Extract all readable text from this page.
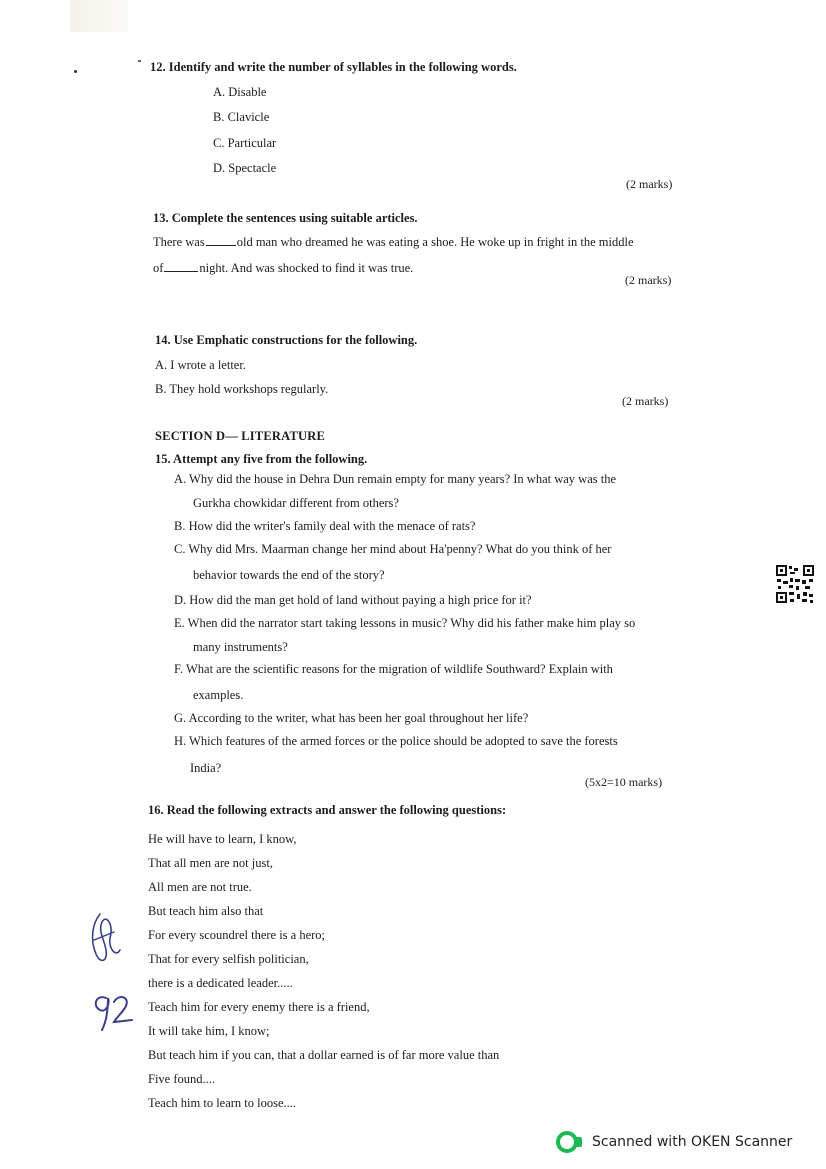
12. Identify and write the number of syllables in the following words.
A. Disable
B. Clavicle
C. Particular
D. Spectacle
(2 marks)
13. Complete the sentences using suitable articles.
There was	old man who dreamed he was eating a shoe. He woke up in fright in the middle
of	night. And was shocked to find it was true.
(2 marks)
14. Use Emphatic constructions for the following.
A. I wrote a letter.
B. They hold workshops regularly.
(2 marks)
SECTION D— LITERATURE
15. Attempt any five from the following.
A. Why did the house in Dehra Dun remain empty for many years? In what way was the
Gurkha chowkidar different from others?
B. How did the writer's family deal with the menace of rats?
C. Why did Mrs. Maarman change her mind about Ha'penny? What do you think of her
behavior towards the end of the story?
D. How did the man get hold of land without paying a high price for it?
E. When did the narrator start taking lessons in music? Why did his father make him play so
many instruments?
F. What are the scientific reasons for the migration of wildlife Southward? Explain with
examples.
G. According to the writer, what has been her goal throughout her life?
H. Which features of the armed forces or the police should be adopted to save the forests
India?
(5x2=10 marks)
16. Read the following extracts and answer the following questions:
He will have to learn, I know,
That all men are not just,
All men are not true.
But teach him also that
For every scoundrel there is a hero;
That for every selfish politician,
there is a dedicated leader.....
Teach him for every enemy there is a friend,
It will take him, I know;
But teach him if you can, that a dollar earned is of far more value than
Five found....
Teach him to learn to loose....
Scanned with OKEN Scanner
